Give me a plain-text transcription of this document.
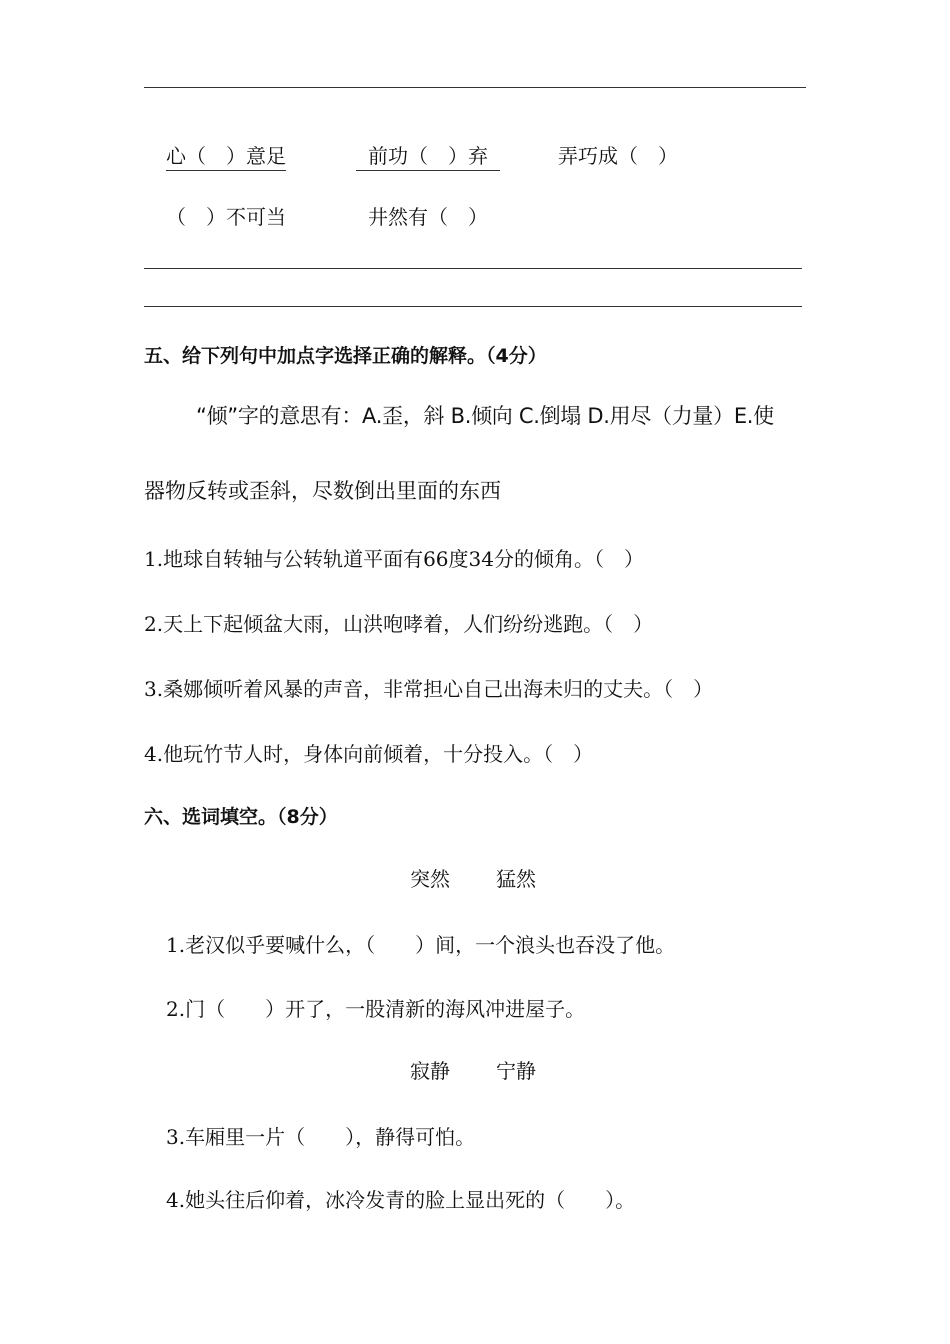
心（　）意足	前功（　）弃	弄巧成（　）
（　）不可当	井然有（　）
五、给下列句中加点字选择正确的解释。（4分）
“倾”字的意思有：A.歪，斜 B.倾向 C.倒塌 D.用尽（力量）E.使
器物反转或歪斜，尽数倒出里面的东西
1.地球自转轴与公转轨道平面有66度34分的倾角。（　）
2.天上下起倾盆大雨，山洪咆哮着，人们纷纷逃跑。（　）
3.桑娜倾听着风暴的声音，非常担心自己出海未归的丈夫。（　）
4.他玩竹节人时，身体向前倾着，十分投入。（　）
六、选词填空。（8分）
突然 猛然
1.老汉似乎要喊什么，（　　）间，一个浪头也吞没了他。
2.门（　　）开了，一股清新的海风冲进屋子。
寂静 宁静
3.车厢里一片（　　），静得可怕。
4.她头往后仰着，冰冷发青的脸上显出死的（　　）。
